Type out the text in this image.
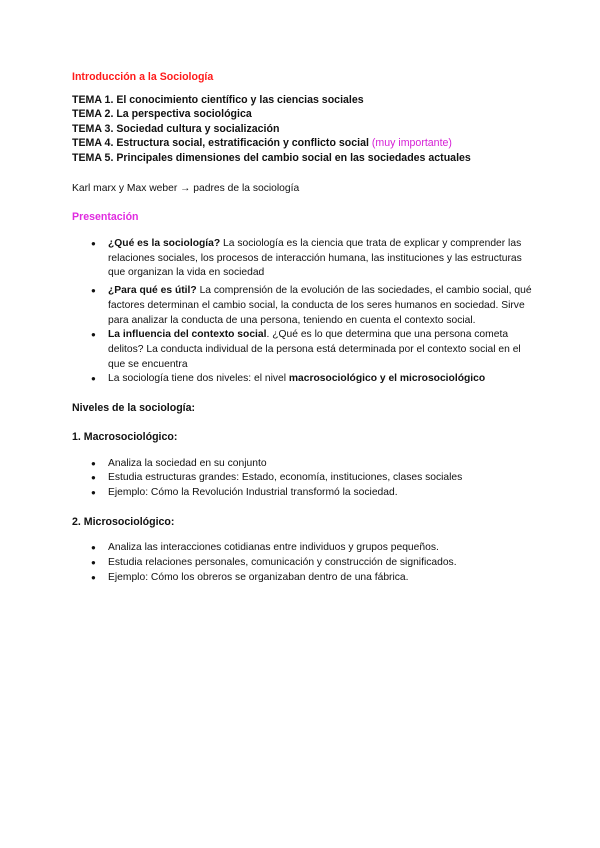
Introducción a la Sociología
TEMA 1. El conocimiento científico y las ciencias sociales
TEMA 2. La perspectiva sociológica
TEMA 3. Sociedad cultura y socialización
TEMA 4. Estructura social, estratificación y conflicto social (muy importante)
TEMA 5. Principales dimensiones del cambio social en las sociedades actuales

Karl marx y Max weber → padres de la sociología

Presentación
● ¿Qué es la sociología? La sociología es la ciencia que trata de explicar y comprender las relaciones sociales, los procesos de interacción humana, las instituciones y las estructuras que organizan la vida en sociedad
● ¿Para qué es útil? La comprensión de la evolución de las sociedades, el cambio social, qué factores determinan el cambio social, la conducta de los seres humanos en sociedad. Sirve para analizar la conducta de una persona, teniendo en cuenta el contexto social.
● La influencia del contexto social. ¿Qué es lo que determina que una persona cometa delitos? La conducta individual de la persona está determinada por el contexto social en el que se encuentra
● La sociología tiene dos niveles: el nivel macrosociológico y el microsociológico
Niveles de la sociología:
1. Macrosociológico:
● Analiza la sociedad en su conjunto
● Estudia estructuras grandes: Estado, economía, instituciones, clases sociales
● Ejemplo: Cómo la Revolución Industrial transformó la sociedad.
2. Microsociológico:
● Analiza las interacciones cotidianas entre individuos y grupos pequeños.
● Estudia relaciones personales, comunicación y construcción de significados.
● Ejemplo: Cómo los obreros se organizaban dentro de una fábrica.
